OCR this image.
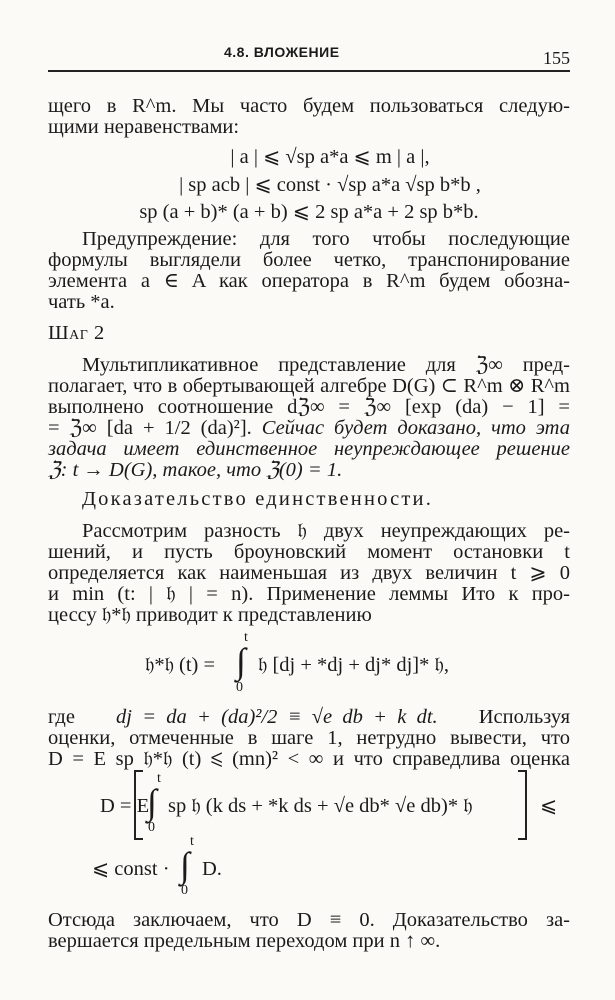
4.8. ВЛОЖЕНИЕ	155
щего в R^m. Мы часто будем пользоваться следую-
щими неравенствами:
| a | ⩽ √sp a*a ⩽ m | a |,
| sp acb | ⩽ const · √sp a*a √sp b*b ,
sp (a + b)* (a + b) ⩽ 2 sp a*a + 2 sp b*b.
Предупреждение: для того чтобы последующие
формулы выглядели более четко, транспонирование
элемента a ∈ A как оператора в R^m будем обозна-
чать *a.
Шаг 2
Мультипликативное представление для ℨ∞ пред-
полагает, что в обертывающей алгебре D(G) ⊂ R^m ⊗ R^m
выполнено соотношение dℨ∞ = ℨ∞ [exp (da) − 1] =
= ℨ∞ [da + 1/2 (da)²]. Сейчас будет доказано, что эта
задача имеет единственное неупреждающее решение
ℨ: t → D(G), такое, что ℨ(0) = 1.
Доказательство единственности.
Рассмотрим разность 𝔥 двух неупреждающих ре-
шений, и пусть броуновский момент остановки t
определяется как наименьшая из двух величин t ⩾ 0
и min (t: | 𝔥 | = n). Применение леммы Ито к про-
цессу 𝔥*𝔥 приводит к представлению
𝔥*𝔥 (t) = ∫
t
0
𝔥 [dj + *dj + dj* dj]* 𝔥,
где dj = da + (da)²/2 ≡ √e db + k dt. Используя
оценки, отмеченные в шаге 1, нетрудно вывести, что
D = E sp 𝔥*𝔥 (t) ⩽ (mn)² < ∞ и что справедлива оценка
D = E
∫
t
0
sp 𝔥 (k ds + *k ds + √e db* √e db)* 𝔥	⩽
⩽ const · ∫
t
0
D.
Отсюда заключаем, что D ≡ 0. Доказательство за-
вершается предельным переходом при n ↑ ∞.
